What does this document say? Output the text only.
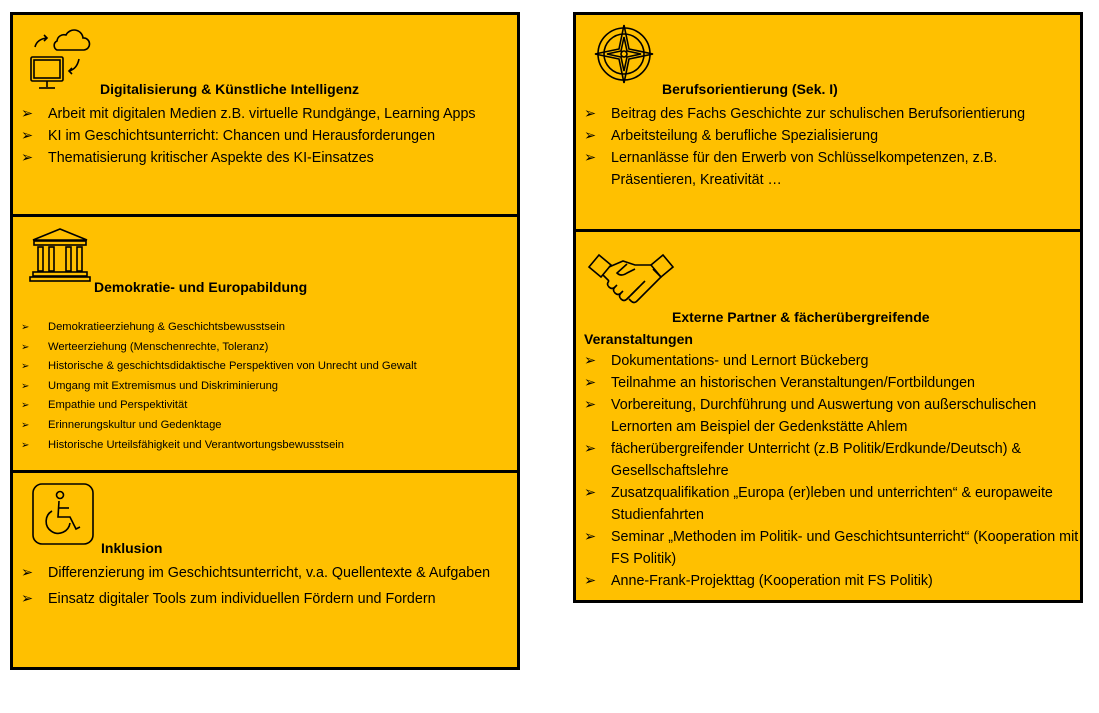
Digitalisierung & Künstliche Intelligenz
➢ Arbeit mit digitalen Medien z.B. virtuelle Rundgänge, Learning Apps
➢ KI im Geschichtsunterricht: Chancen und Herausforderungen
➢ Thematisierung kritischer Aspekte des KI-Einsatzes
Demokratie- und Europabildung
➢ Demokratieerziehung & Geschichtsbewusstsein
➢ Werteerziehung (Menschenrechte, Toleranz)
➢ Historische & geschichtsdidaktische Perspektiven von Unrecht und Gewalt
➢ Umgang mit Extremismus und Diskriminierung
➢ Empathie und Perspektivität
➢ Erinnerungskultur und Gedenktage
➢ Historische Urteilsfähigkeit und Verantwortungsbewusstsein
Inklusion
➢ Differenzierung im Geschichtsunterricht, v.a. Quellentexte & Aufgaben
➢ Einsatz digitaler Tools zum individuellen Fördern und Fordern
Berufsorientierung (Sek. I)
➢ Beitrag des Fachs Geschichte zur schulischen Berufsorientierung
➢ Arbeitsteilung & berufliche Spezialisierung
➢ Lernanlässe für den Erwerb von Schlüsselkompetenzen, z.B. Präsentieren, Kreativität …
Externe Partner & fächerübergreifende
Veranstaltungen
➢ Dokumentations- und Lernort Bückeberg
➢ Teilnahme an historischen Veranstaltungen/Fortbildungen
➢ Vorbereitung, Durchführung und Auswertung von außerschulischen Lernorten am Beispiel der Gedenkstätte Ahlem
➢ fächerübergreifender Unterricht (z.B Politik/Erdkunde/Deutsch) & Gesellschaftslehre
➢ Zusatzqualifikation „Europa (er)leben und unterrichten“ & europaweite Studienfahrten
➢ Seminar „Methoden im Politik- und Geschichtsunterricht“ (Kooperation mit FS Politik)
➢ Anne-Frank-Projekttag (Kooperation mit FS Politik)
